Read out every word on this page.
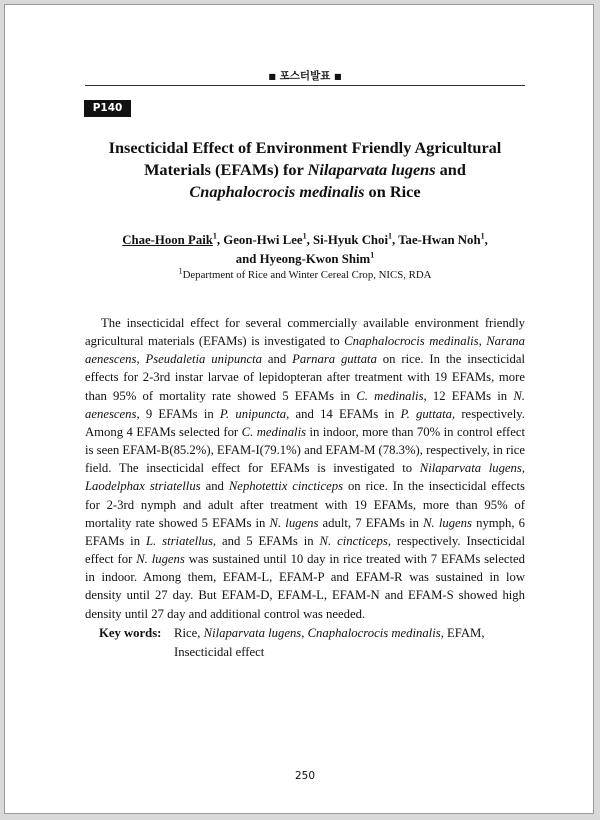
■ 포스터발표 ■
P140
Insecticidal Effect of Environment Friendly Agricultural
Materials (EFAMs) for Nilaparvata lugens and
Cnaphalocrocis medinalis on Rice
Chae-Hoon Paik$^1$, Geon-Hwi Lee$^1$, Si-Hyuk Choi$^1$, Tae-Hwan Noh$^1$,
and Hyeong-Kwon Shim$^1$
$^1$Department of Rice and Winter Cereal Crop, NICS, RDA

The insecticidal effect for several commercially available environment friendly agricultural materials (EFAMs) is investigated to Cnaphalocrocis medinalis, Narana aenescens, Pseudaletia unipuncta and Parnara guttata on rice. In the insecticidal effects for 2-3rd instar larvae of lepidopteran after treatment with 19 EFAMs, more than 95% of mortality rate showed 5 EFAMs in C. medinalis, 12 EFAMs in N. aenescens, 9 EFAMs in P. unipuncta, and 14 EFAMs in P. guttata, respectively. Among 4 EFAMs selected for C. medinalis in indoor, more than 70% in control effect is seen EFAM-B(85.2%), EFAM-I(79.1%) and EFAM-M (78.3%), respectively, in rice field. The insecticidal effect for EFAMs is investigated to Nilaparvata lugens, Laodelphax striatellus and Nephotettix cincticeps on rice. In the insecticidal effects for 2-3rd nymph and adult after treatment with 19 EFAMs, more than 95% of mortality rate showed 5 EFAMs in N. lugens adult, 7 EFAMs in N. lugens nymph, 6 EFAMs in L. striatellus, and 5 EFAMs in N. cincticeps, respectively. Insecticidal effect for N. lugens was sustained until 10 day in rice treated with 7 EFAMs selected in indoor. Among them, EFAM-L, EFAM-P and EFAM-R was sustained in low density until 27 day. But EFAM-D, EFAM-L, EFAM-N and EFAM-S showed high density until 27 day and additional control was needed.

Key words: Rice, Nilaparvata lugens, Cnaphalocrocis medinalis, EFAM, Insecticidal effect
250
